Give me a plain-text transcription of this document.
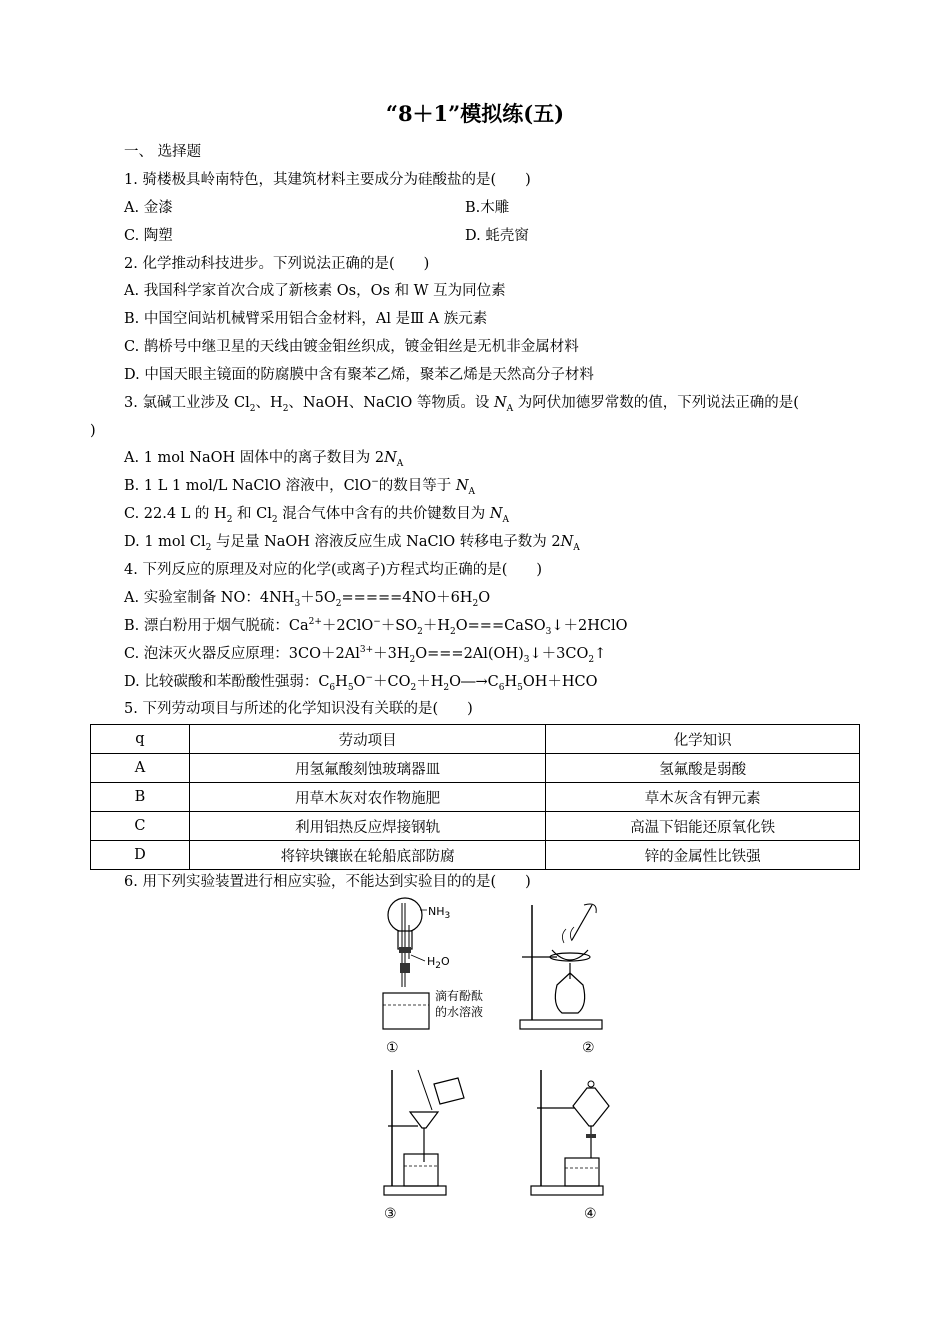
“8＋1”模拟练(五)
一、 选择题
1. 骑楼极具岭南特色，其建筑材料主要成分为硅酸盐的是(　　)
A. 金漆	B.木雕
C. 陶塑	D. 蚝壳窗
2. 化学推动科技进步。下列说法正确的是(　　)
A. 我国科学家首次合成了新核素 Os，Os 和 W 互为同位素
B. 中国空间站机械臂采用铝合金材料，Al 是Ⅲ A 族元素
C. 鹊桥号中继卫星的天线由镀金钼丝织成，镀金钼丝是无机非金属材料
D. 中国天眼主镜面的防腐膜中含有聚苯乙烯，聚苯乙烯是天然高分子材料
3. 氯碱工业涉及 $Cl_2$、$H_2$、NaOH、NaClO 等物质。设 $N_A$ 为阿伏加德罗常数的值，下列说法正确的是(
)
A. 1 mol NaOH 固体中的离子数目为 $2N_A$
B. 1 L 1 mol/L NaClO 溶液中，ClO−的数目等于 $N_A$
C. 22.4 L 的 $H_2$ 和 $Cl_2$ 混合气体中含有的共价键数目为 $N_A$
D. 1 mol $Cl_2$ 与足量 NaOH 溶液反应生成 NaClO 转移电子数为 $2N_A$
4. 下列反应的原理及对应的化学(或离子)方程式均正确的是(　　)
A. 实验室制备 NO：$4NH_3+5O_2=====4NO+6H_2O$
B. 漂白粉用于烟气脱硫：$Ca^{2+}+2ClO^-+SO_2+H_2O===CaSO_3↓+2HClO$
C. 泡沫灭火器反应原理：$3CO+2Al^{3+}+3H_2O===2Al(OH)_3↓+3CO_2↑$
D. 比较碳酸和苯酚酸性强弱：$C_6H_5O^-+CO_2+H_2O―\to C_6H_5OH+HCO$
5. 下列劳动项目与所述的化学知识没有关联的是(　　)
q	劳动项目	化学知识
A	用氢氟酸刻蚀玻璃器皿	氢氟酸是弱酸
B	用草木灰对农作物施肥	草木灰含有钾元素
C	利用铝热反应焊接钢轨	高温下铝能还原氧化铁
D	将锌块镶嵌在轮船底部防腐	锌的金属性比铁强
6. 用下列实验装置进行相应实验，不能达到实验目的的是(　　)
$NH_3$
$H_2O$
滴有酚酞
的水溶液
①	②
③	④
